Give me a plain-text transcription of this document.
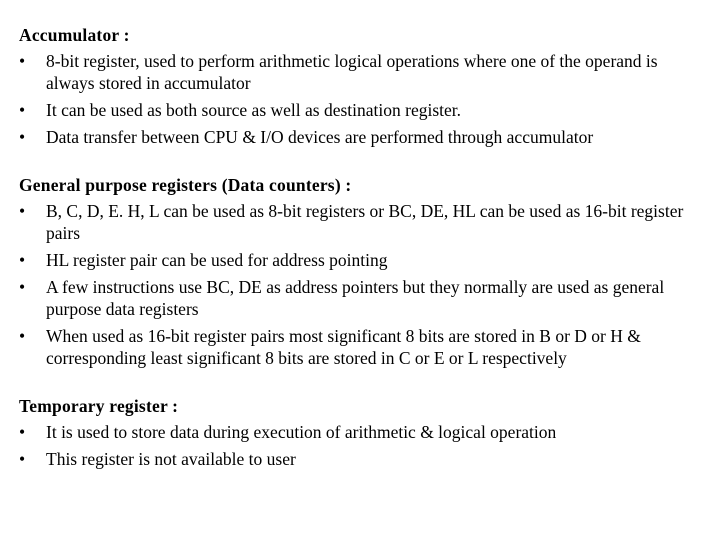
Accumulator :
• 8-bit register, used to perform arithmetic logical operations where one of the operand is always stored in accumulator
• It can be used as both source as well as destination register.
• Data transfer between CPU & I/O devices are performed through accumulator
General purpose registers (Data counters) :
• B, C, D, E. H, L can be used as 8-bit registers or BC, DE, HL can be used as 16-bit register pairs
• HL register pair can be used for address pointing
• A few instructions use BC, DE as address pointers but they normally are used as general purpose data registers
• When used as 16-bit register pairs most significant 8 bits are stored in B or D or H & corresponding least significant 8 bits are stored in C or E or L respectively
Temporary register :
• It is used to store data during execution of arithmetic & logical operation
• This register is not available to user
